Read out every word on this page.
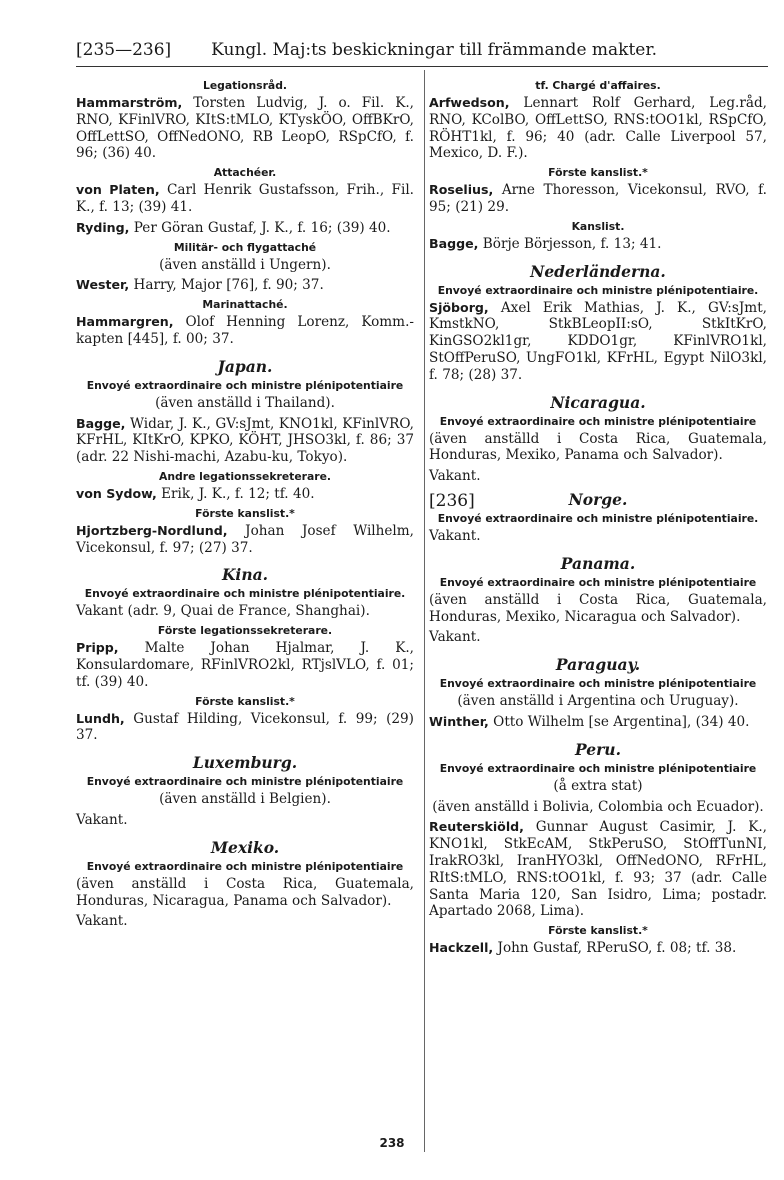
[235—236] Kungl. Maj:ts beskickningar till främmande makter.
Legationsråd.

Hammarström, Torsten Ludvig, J. o. Fil. K., RNO, KFinlVRO, KItS:tMLO, KTyskÖO, OffBKrO, OffLettSO, OffNedONO, RB LeopO, RSpCfO, f. 96; (36) 40.

Attachéer.

von Platen, Carl Henrik Gustafsson, Frih., Fil. K., f. 13; (39) 41.

Ryding, Per Göran Gustaf, J. K., f. 16; (39) 40.

Militär- och flygattaché

(även anställd i Ungern).

Wester, Harry, Major [76], f. 90; 37.

Marinattaché.

Hammargren, Olof Henning Lorenz, Komm.-kapten [445], f. 00; 37.

Japan.
Envoyé extraordinaire och ministre plénipotentiaire

(även anställd i Thailand).

Bagge, Widar, J. K., GV:sJmt, KNO1kl, KFinlVRO, KFrHL, KItKrO, KPKO, KÖHT, JHSO3kl, f. 86; 37 (adr. 22 Nishi-machi, Azabu-ku, Tokyo).

Andre legationssekreterare.

von Sydow, Erik, J. K., f. 12; tf. 40.

Förste kanslist.*

Hjortzberg-Nordlund, Johan Josef Wilhelm, Vicekonsul, f. 97; (27) 37.

Kina.
Envoyé extraordinaire och ministre plénipotentiaire.

Vakant (adr. 9, Quai de France, Shanghai).

Förste legationssekreterare.

Pripp, Malte Johan Hjalmar, J. K., Konsulardomare, RFinlVRO2kl, RTjslVLO, f. 01; tf. (39) 40.

Förste kanslist.*

Lundh, Gustaf Hilding, Vicekonsul, f. 99; (29) 37.

Luxemburg.
Envoyé extraordinaire och ministre plénipotentiaire

(även anställd i Belgien).

Vakant.

Mexiko.
Envoyé extraordinaire och ministre plénipotentiaire

(även anställd i Costa Rica, Guatemala, Honduras, Nicaragua, Panama och Salvador).

Vakant.

tf. Chargé d'affaires.

Arfwedson, Lennart Rolf Gerhard, Leg.råd, RNO, KColBO, OffLettSO, RNS:tOO1kl, RSpCfO, RÖHT1kl, f. 96; 40 (adr. Calle Liverpool 57, Mexico, D. F.).

Förste kanslist.*

Roselius, Arne Thoresson, Vicekonsul, RVO, f. 95; (21) 29.

Kanslist.

Bagge, Börje Börjesson, f. 13; 41.

Nederländerna.
Envoyé extraordinaire och ministre plénipotentiaire.

Sjöborg, Axel Erik Mathias, J. K., GV:sJmt, KmstkNO, StkBLeopII:sO, StkItKrO, KinGSO2kl1gr, KDDO1gr, KFinlVRO1kl, StOffPeruSO, UngFO1kl, KFrHL, Egypt NilO3kl, f. 78; (28) 37.

Nicaragua.
Envoyé extraordinaire och ministre plénipotentiaire

(även anställd i Costa Rica, Guatemala, Honduras, Mexiko, Panama och Salvador).

Vakant.

[236]	Norge.
Envoyé extraordinaire och ministre plénipotentiaire.

Vakant.

Panama.
Envoyé extraordinaire och ministre plénipotentiaire

(även anställd i Costa Rica, Guatemala, Honduras, Mexiko, Nicaragua och Salvador).

Vakant.

Paraguay.
Envoyé extraordinaire och ministre plénipotentiaire

(även anställd i Argentina och Uruguay).

Winther, Otto Wilhelm [se Argentina], (34) 40.

Peru.
Envoyé extraordinaire och ministre plénipotentiaire

(å extra stat)

(även anställd i Bolivia, Colombia och Ecuador).

Reuterskiöld, Gunnar August Casimir, J. K., KNO1kl, StkEcAM, StkPeruSO, StOffTunNI, IrakRO3kl, IranHYO3kl, OffNedONO, RFrHL, RItS:tMLO, RNS:tOO1kl, f. 93; 37 (adr. Calle Santa Maria 120, San Isidro, Lima; postadr. Apartado 2068, Lima).

Förste kanslist.*

Hackzell, John Gustaf, RPeruSO, f. 08; tf. 38.

238
